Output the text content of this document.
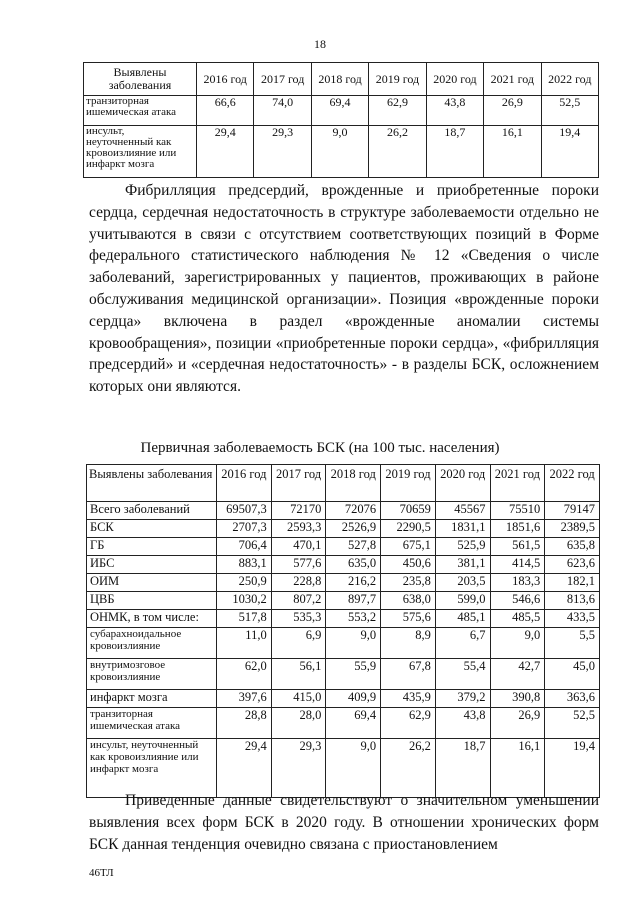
18
Выявлены заболевания	2016 год	2017 год	2018 год	2019 год	2020 год	2021 год	2022 год
транзиторная ишемическая атака	66,6	74,0	69,4	62,9	43,8	26,9	52,5
инсульт, неуточненный как кровоизлияние или инфаркт мозга	29,4	29,3	9,0	26,2	18,7	16,1	19,4

Фибрилляция предсердий, врожденные и приобретенные пороки сердца, сердечная недостаточность в структуре заболеваемости отдельно не учитываются в связи с отсутствием соответствующих позиций в Форме федерального статистического наблюдения № 12 «Сведения о числе заболеваний, зарегистрированных у пациентов, проживающих в районе обслуживания медицинской организации». Позиция «врожденные пороки сердца» включена в раздел «врожденные аномалии системы кровообращения», позиции «приобретенные пороки сердца», «фибрилляция предсердий» и «сердечная недостаточность» - в разделы БСК, осложнением которых они являются.

Первичная заболеваемость БСК (на 100 тыс. населения)
Выявлены заболевания	2016 год	2017 год	2018 год	2019 год	2020 год	2021 год	2022 год
Всего заболеваний	69507,3	72170	72076	70659	45567	75510	79147
БСК	2707,3	2593,3	2526,9	2290,5	1831,1	1851,6	2389,5
ГБ	706,4	470,1	527,8	675,1	525,9	561,5	635,8
ИБС	883,1	577,6	635,0	450,6	381,1	414,5	623,6
ОИМ	250,9	228,8	216,2	235,8	203,5	183,3	182,1
ЦВБ	1030,2	807,2	897,7	638,0	599,0	546,6	813,6
ОНМК, в том числе:	517,8	535,3	553,2	575,6	485,1	485,5	433,5
субарахноидальное кровоизлияние	11,0	6,9	9,0	8,9	6,7	9,0	5,5
внутримозговое кровоизлияние	62,0	56,1	55,9	67,8	55,4	42,7	45,0
инфаркт мозга	397,6	415,0	409,9	435,9	379,2	390,8	363,6
транзиторная ишемическая атака	28,8	28,0	69,4	62,9	43,8	26,9	52,5
инсульт, неуточненный как кровоизлияние или инфаркт мозга	29,4	29,3	9,0	26,2	18,7	16,1	19,4

Приведенные данные свидетельствуют о значительном уменьшении выявления всех форм БСК в 2020 году. В отношении хронических форм БСК данная тенденция очевидно связана с приостановлением

46ТЛ
